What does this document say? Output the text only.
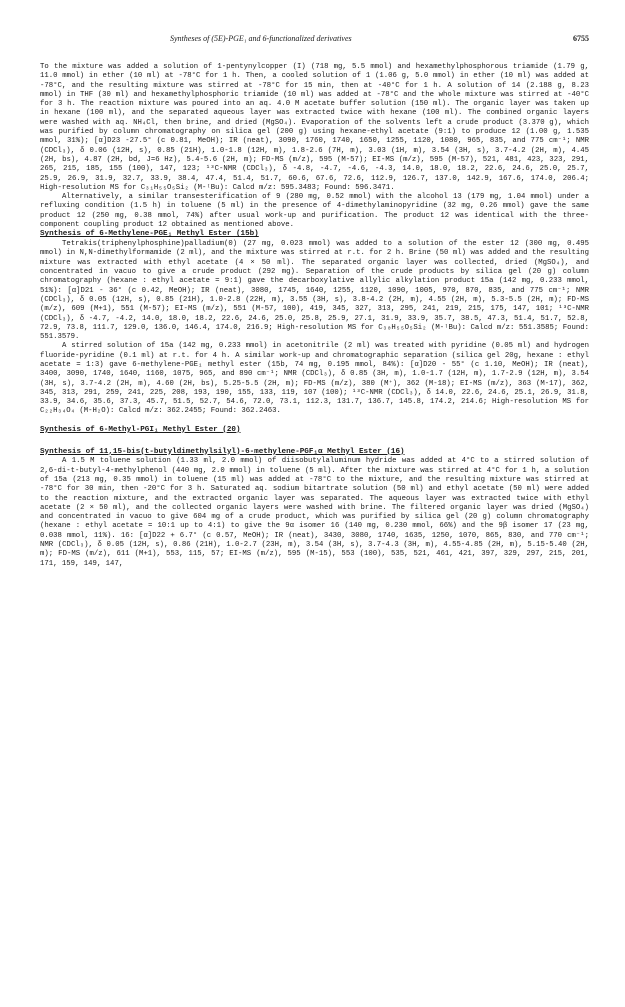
Syntheses of (5E)-PGE₁ and 6-functionalized derivatives	6755

To the mixture was added a solution of 1-pentynylcopper (I) (718 mg, 5.5 mmol) and hexamethylphosphorous triamide (1.79 g, 11.0 mmol) in ether (10 ml) at -78°C for 1 h. Then, a cooled solution of 1 (1.06 g, 5.0 mmol) in ether (10 ml) was added at -78°C, and the resulting mixture was stirred at -78°C for 15 min, then at -40°C for 1 h. A solution of 14 (2.188 g, 8.23 mmol) in THF (30 ml) and hexamethylphosphoric triamide (10 ml) was added at -78°C and the whole mixture was stirred at -40°C for 3 h. The reaction mixture was poured into an aq. 4.0 M acetate buffer solution (150 ml). The organic layer was taken up in hexane (100 ml), and the separated aqueous layer was extracted twice with hexane (100 ml). The combined organic layers were washed with aq. NH₄Cl, then brine, and dried (MgSO₄). Evaporation of the solvents left a crude product (3.370 g), which was purified by column chromatography on silica gel (200 g) using hexane-ethyl acetate (9:1) to produce 12 (1.00 g, 1.535 mmol, 31%); [α]D23 -27.5° (c 0.81, MeOH); IR (neat), 3090, 1760, 1740, 1650, 1255, 1120, 1080, 965, 835, and 775 cm⁻¹; NMR (CDCl₃), δ 0.06 (12H, s), 0.85 (21H), 1.0-1.8 (12H, m), 1.8-2.6 (7H, m), 3.03 (1H, m), 3.54 (3H, s), 3.7-4.2 (2H, m), 4.45 (2H, bs), 4.87 (2H, bd, J=6 Hz), 5.4-5.6 (2H, m); FD-MS (m/z), 595 (M-57); EI-MS (m/z), 595 (M-57), 521, 481, 423, 323, 291, 265, 215, 185, 155 (100), 147, 123; ¹³C-NMR (CDCl₃), δ -4.8, -4.7, -4.6, -4.3, 14.0, 18.0, 18.2, 22.6, 24.6, 25.0, 25.7, 25.9, 26.9, 31.9, 32.7, 33.9, 38.4, 47.4, 51.4, 51.7, 60.6, 67.6, 72.6, 112.9, 126.7, 137.0, 142.9, 167.6, 174.0, 206.4; High-resolution MS for C₃₁H₅₅O₅Si₂ (M-ᵗBu): Calcd m/z: 595.3483; Found: 596.3471.

Alternatively, a similar transesterification of 9 (280 mg, 0.52 mmol) with the alcohol 13 (179 mg, 1.04 mmol) under a refluxing condition (1.5 h) in toluene (5 ml) in the presence of 4-dimethylaminopyridine (32 mg, 0.26 mmol) gave the same product 12 (250 mg, 0.38 mmol, 74%) after usual work-up and purification. The product 12 was identical with the three-component coupling product 12 obtained as mentioned above.

Synthesis of 6-Methylene-PGE₁ Methyl Ester (15b)

Tetrakis(triphenylphosphine)palladium(0) (27 mg, 0.023 mmol) was added to a solution of the ester 12 (300 mg, 0.495 mmol) in N,N-dimethylformamide (2 ml), and the mixture was stirred at r.t. for 2 h. Brine (50 ml) was added and the resulting mixture was extracted with ethyl acetate (4 × 50 ml). The separated organic layer was collected, dried (MgSO₄), and concentrated in vacuo to give a crude product (292 mg). Separation of the crude products by silica gel (20 g) column chromatography (hexane : ethyl acetate = 9:1) gave the decarboxylative allylic alkylation product 15a (142 mg, 0.233 mmol, 51%): [α]D21 - 36° (c 0.42, MeOH); IR (neat), 3080, 1745, 1640, 1255, 1120, 1090, 1005, 970, 870, 835, and 775 cm⁻¹; NMR (CDCl₃), δ 0.05 (12H, s), 0.85 (21H), 1.0-2.8 (22H, m), 3.55 (3H, s), 3.8-4.2 (2H, m), 4.55 (2H, m), 5.3-5.5 (2H, m); FD-MS (m/z), 609 (M+1), 551 (M-57); EI-MS (m/z), 551 (M-57, 100), 419, 345, 327, 313, 295, 241, 219, 215, 175, 147, 101; ¹³C-NMR (CDCl₃), δ -4.7, -4.2, 14.0, 18.0, 18.2, 22.6, 24.6, 25.0, 25.8, 25.9, 27.1, 31.9, 33.9, 35.7, 38.5, 47.3, 51.4, 51.7, 52.8, 72.9, 73.8, 111.7, 129.0, 136.0, 146.4, 174.0, 216.9; High-resolution MS for C₃₀H₅₅O₅Si₂ (M-ᵗBu): Calcd m/z: 551.3585; Found: 551.3579.

A stirred solution of 15a (142 mg, 0.233 mmol) in acetonitrile (2 ml) was treated with pyridine (0.05 ml) and hydrogen fluoride-pyridine (0.1 ml) at r.t. for 4 h. A similar work-up and chromatographic separation (silica gel 20g, hexane : ethyl acetate = 1:3) gave 6-methylene-PGE₁ methyl ester (15b, 74 mg, 0.195 mmol, 84%): [α]D20 - 55° (c 1.10, MeOH); IR (neat), 3400, 3090, 1740, 1640, 1160, 1075, 965, and 890 cm⁻¹; NMR (CDCl₃), δ 0.85 (3H, m), 1.0-1.7 (12H, m), 1.7-2.9 (12H, m), 3.54 (3H, s), 3.7-4.2 (2H, m), 4.60 (2H, bs), 5.25-5.5 (2H, m); FD-MS (m/z), 380 (M⁺), 362 (M-18); EI-MS (m/z), 363 (M-17), 362, 345, 313, 291, 259, 241, 225, 208, 193, 190, 155, 133, 119, 107 (100); ¹³C-NMR (CDCl₃), δ 14.0, 22.6, 24.6, 25.1, 26.9, 31.8, 33.9, 34.6, 35.6, 37.3, 45.7, 51.5, 52.7, 54.6, 72.0, 73.1, 112.3, 131.7, 136.7, 145.8, 174.2, 214.6; High-resolution MS for C₂₂H₃₄O₄ (M-H₂O): Calcd m/z: 362.2455; Found: 362.2463.

Synthesis of 6-Methyl-PGI₁ Methyl Ester (20)
Synthesis of 11,15-bis(t-butyldimethylsilyl)-6-methylene-PGF₁α Methyl Ester (16)

A 1.5 M toluene solution (1.33 ml, 2.0 mmol) of diisobutylaluminum hydride was added at 4°C to a stirred solution of 2,6-di-t-butyl-4-methylphenol (440 mg, 2.0 mmol) in toluene (5 ml). After the mixture was stirred at 4°C for 1 h, a solution of 15a (213 mg, 0.35 mmol) in toluene (15 ml) was added at -78°C to the mixture, and the resulting mixture was stirred at -78°C for 30 min, then -20°C for 3 h. Saturated aq. sodium bitartrate solution (50 ml) and ethyl acetate (50 ml) were added to the reaction mixture, and the extracted organic layer was separated. The aqueous layer was extracted twice with ethyl acetate (2 × 50 ml), and the collected organic layers were washed with brine. The filtered organic layer was dried (MgSO₄) and concentrated in vacuo to give 604 mg of a crude product, which was purified by silica gel (20 g) column chromatography (hexane : ethyl acetate = 10:1 up to 4:1) to give the 9α isomer 16 (140 mg, 0.230 mmol, 66%) and the 9β isomer 17 (23 mg, 0.038 mmol, 11%). 16: [α]D22 + 6.7° (c 0.57, MeOH); IR (neat), 3430, 3080, 1740, 1635, 1250, 1070, 865, 830, and 770 cm⁻¹; NMR (CDCl₃), δ 0.05 (12H, s), 0.86 (21H), 1.0-2.7 (23H, m), 3.54 (3H, s), 3.7-4.3 (3H, m), 4.55-4.85 (2H, m), 5.15-5.40 (2H, m); FD-MS (m/z), 611 (M+1), 553, 115, 57; EI-MS (m/z), 595 (M-15), 553 (100), 535, 521, 461, 421, 397, 329, 297, 215, 201, 171, 159, 149, 147,
